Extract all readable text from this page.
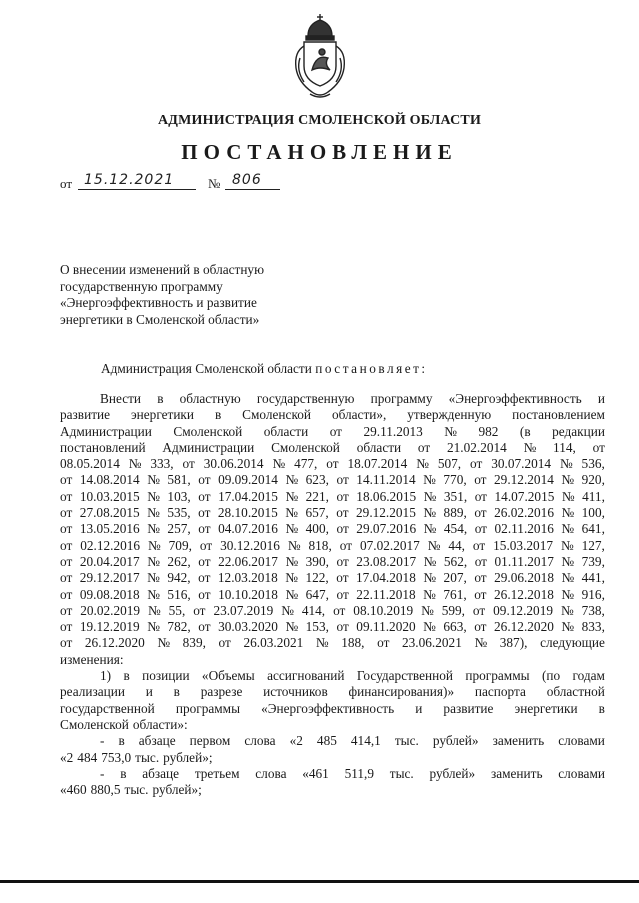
АДМИНИСТРАЦИЯ СМОЛЕНСКОЙ ОБЛАСТИ
ПОСТАНОВЛЕНИЕ
от 15.12.2021	№ 806
О внесении изменений в областную
государственную программу
«Энергоэффективность и развитие
энергетики в Смоленской области»
Администрация Смоленской области постановляет:
Внести в областную государственную программу «Энергоэффективность и
развитие энергетики в Смоленской области», утвержденную постановлением
Администрации Смоленской области от 29.11.2013 № 982 (в редакции
постановлений Администрации Смоленской области от 21.02.2014 № 114, от
08.05.2014 № 333, от 30.06.2014 № 477, от 18.07.2014 № 507, от 30.07.2014 № 536,
от 14.08.2014 № 581, от 09.09.2014 № 623, от 14.11.2014 № 770, от 29.12.2014 № 920,
от 10.03.2015 № 103, от 17.04.2015 № 221, от 18.06.2015 № 351, от 14.07.2015 № 411,
от 27.08.2015 № 535, от 28.10.2015 № 657, от 29.12.2015 № 889, от 26.02.2016 № 100,
от 13.05.2016 № 257, от 04.07.2016 № 400, от 29.07.2016 № 454, от 02.11.2016 № 641,
от 02.12.2016 № 709, от 30.12.2016 № 818, от 07.02.2017 № 44, от 15.03.2017 № 127,
от 20.04.2017 № 262, от 22.06.2017 № 390, от 23.08.2017 № 562, от 01.11.2017 № 739,
от 29.12.2017 № 942, от 12.03.2018 № 122, от 17.04.2018 № 207, от 29.06.2018 № 441,
от 09.08.2018 № 516, от 10.10.2018 № 647, от 22.11.2018 № 761, от 26.12.2018 № 916,
от 20.02.2019 № 55, от 23.07.2019 № 414, от 08.10.2019 № 599, от 09.12.2019 № 738,
от 19.12.2019 № 782, от 30.03.2020 № 153, от 09.11.2020 № 663, от 26.12.2020 № 833,
от 26.12.2020 № 839, от 26.03.2021 № 188, от 23.06.2021 № 387), следующие
изменения:
1) в позиции «Объемы ассигнований Государственной программы (по годам
реализации и в разрезе источников финансирования)» паспорта областной
государственной программы «Энергоэффективность и развитие энергетики в
Смоленской области»:
- в абзаце первом слова «2 485 414,1 тыс. рублей» заменить словами
«2 484 753,0 тыс. рублей»;
- в абзаце третьем слова «461 511,9 тыс. рублей» заменить словами
«460 880,5 тыс. рублей»;
